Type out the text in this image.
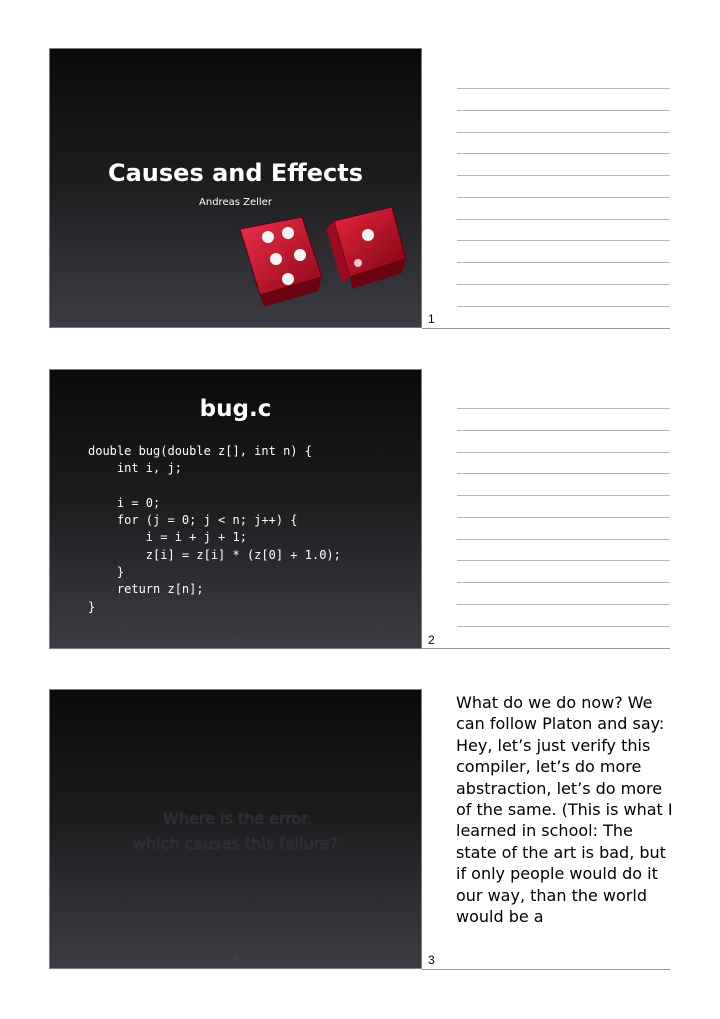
Causes and Effects
Andreas Zeller
1
bug.c
double bug(double z[], int n) {
int i, j;

i = 0;
for (j = 0; j < n; j++) {
i = i + j + 1;
z[i] = z[i] * (z[0] + 1.0);
}
return z[n];
}
2	2
Where is the error
which causes this failure?
3
What do we do now? We can follow Platon and say: Hey, let’s just verify this compiler, let’s do more abstraction, let’s do more of the same. (This is what I learned in school: The state of the art is bad, but if only people would do it our way, than the world would be a
3
